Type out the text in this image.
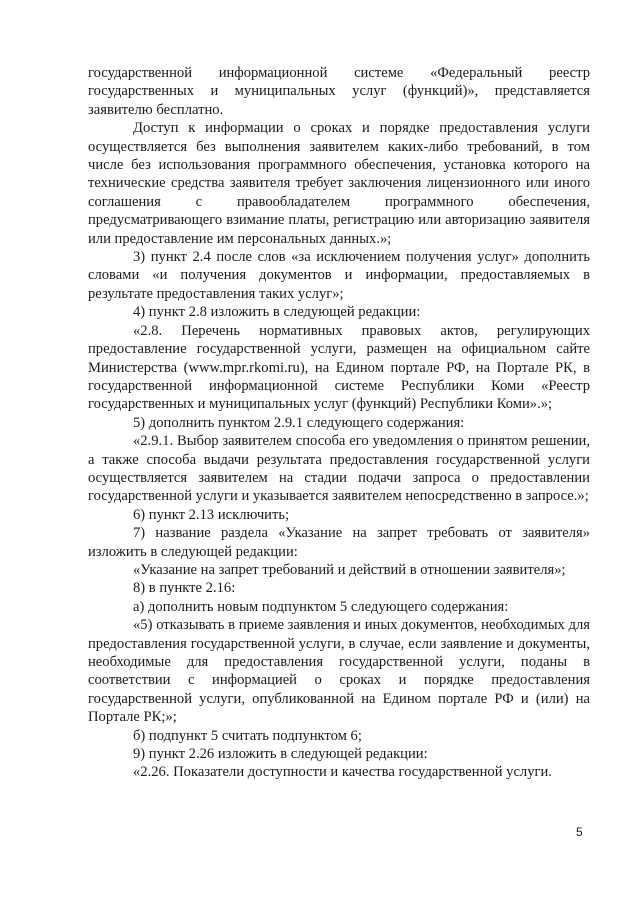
государственной информационной системе «Федеральный реестр государственных и муниципальных услуг (функций)», представляется заявителю бесплатно.

Доступ к информации о сроках и порядке предоставления услуги осуществляется без выполнения заявителем каких-либо требований, в том числе без использования программного обеспечения, установка которого на технические средства заявителя требует заключения лицензионного или иного соглашения с правообладателем программного обеспечения, предусматривающего взимание платы, регистрацию или авторизацию заявителя или предоставление им персональных данных.»;

3) пункт 2.4 после слов «за исключением получения услуг» дополнить словами «и получения документов и информации, предоставляемых в результате предоставления таких услуг»;

4) пункт 2.8 изложить в следующей редакции:

«2.8. Перечень нормативных правовых актов, регулирующих предоставление государственной услуги, размещен на официальном сайте Министерства (www.mpr.rkomi.ru), на Едином портале РФ, на Портале РК, в государственной информационной системе Республики Коми «Реестр государственных и муниципальных услуг (функций) Республики Коми».»;

5) дополнить пунктом 2.9.1 следующего содержания:

«2.9.1. Выбор заявителем способа его уведомления о принятом решении, а также способа выдачи результата предоставления государственной услуги осуществляется заявителем на стадии подачи запроса о предоставлении государственной услуги и указывается заявителем непосредственно в запросе.»;

6) пункт 2.13 исключить;

7) название раздела «Указание на запрет требовать от заявителя» изложить в следующей редакции:

«Указание на запрет требований и действий в отношении заявителя»;

8) в пункте 2.16:

а) дополнить новым подпунктом 5 следующего содержания:

«5) отказывать в приеме заявления и иных документов, необходимых для предоставления государственной услуги, в случае, если заявление и документы, необходимые для предоставления государственной услуги, поданы в соответствии с информацией о сроках и порядке предоставления государственной услуги, опубликованной на Едином портале РФ и (или) на Портале РК;»;

б) подпункт 5 считать подпунктом 6;

9) пункт 2.26 изложить в следующей редакции:

«2.26. Показатели доступности и качества государственной услуги.

5
